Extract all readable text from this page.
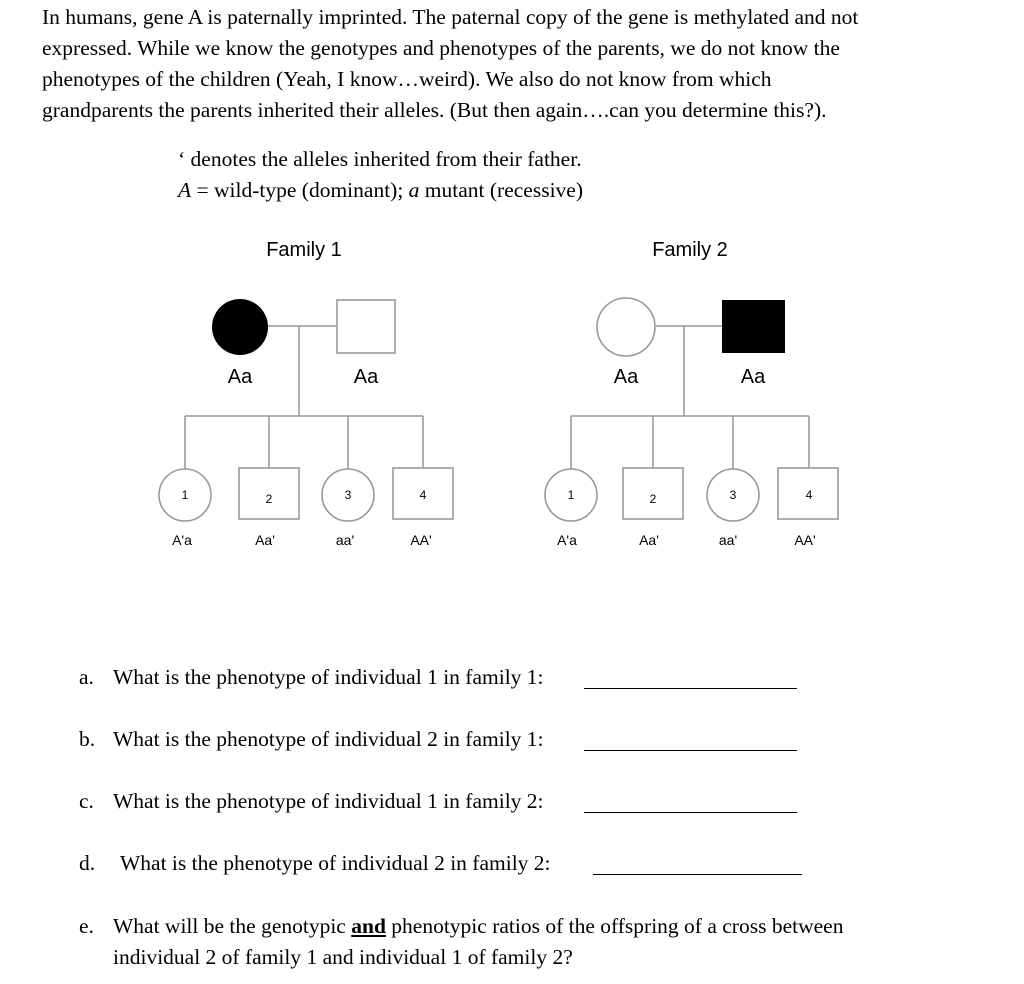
In humans, gene A is paternally imprinted. The paternal copy of the gene is methylated and not
expressed. While we know the genotypes and phenotypes of the parents, we do not know the
phenotypes of the children (Yeah, I know…weird). We also do not know from which
grandparents the parents inherited their alleles. (But then again….can you determine this?).
‘ denotes the alleles inherited from their father.
A = wild-type (dominant); a mutant (recessive)
Family 1	Family 2
Aa	Aa	Aa	Aa
1	2	3	4
A'a	Aa'	aa'	AA'
1	2	3	4
A'a	Aa'	aa'	AA'
a. What is the phenotype of individual 1 in family 1:
b. What is the phenotype of individual 2 in family 1:
c. What is the phenotype of individual 1 in family 2:
d. What is the phenotype of individual 2 in family 2:
e. What will be the genotypic and phenotypic ratios of the offspring of a cross between
individual 2 of family 1 and individual 1 of family 2?
